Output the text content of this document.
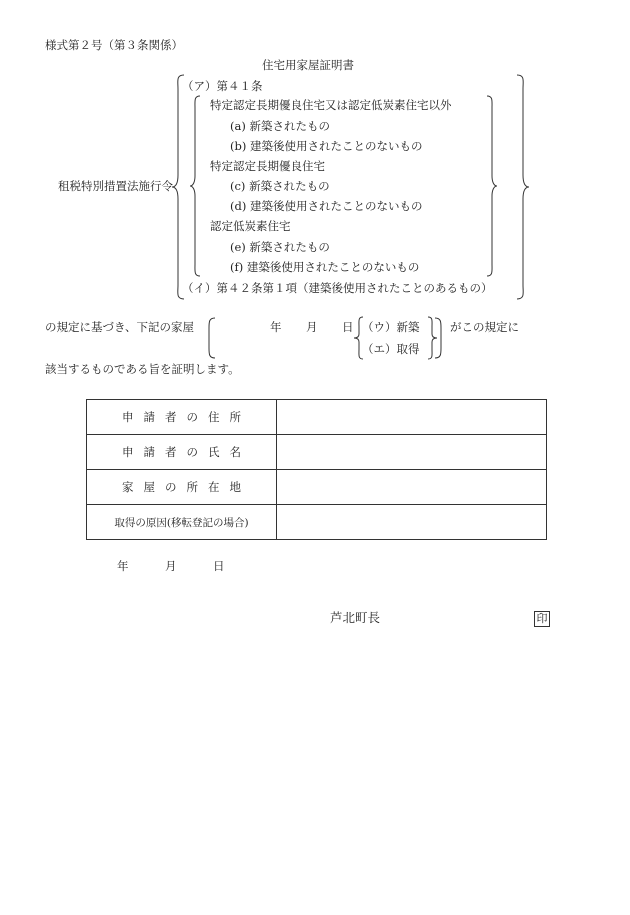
様式第２号（第３条関係）
住宅用家屋証明書
租税特別措置法施行令
（ア）第４１条
特定認定長期優良住宅又は認定低炭素住宅以外
(a) 新築されたもの
(b) 建築後使用されたことのないもの
特定認定長期優良住宅
(c) 新築されたもの
(d) 建築後使用されたことのないもの
認定低炭素住宅
(e) 新築されたもの
(f) 建築後使用されたことのないもの
（イ）第４２条第１項（建築後使用されたことのあるもの）
の規定に基づき、下記の家屋	年 月 日 （ウ）新築
（エ）取得
がこの規定に
該当するものである旨を証明します。
申請者の住所	
申請者の氏名	
家屋の所在地	
取得の原因(移転登記の場合)	
年	月	日
芦北町長	印
